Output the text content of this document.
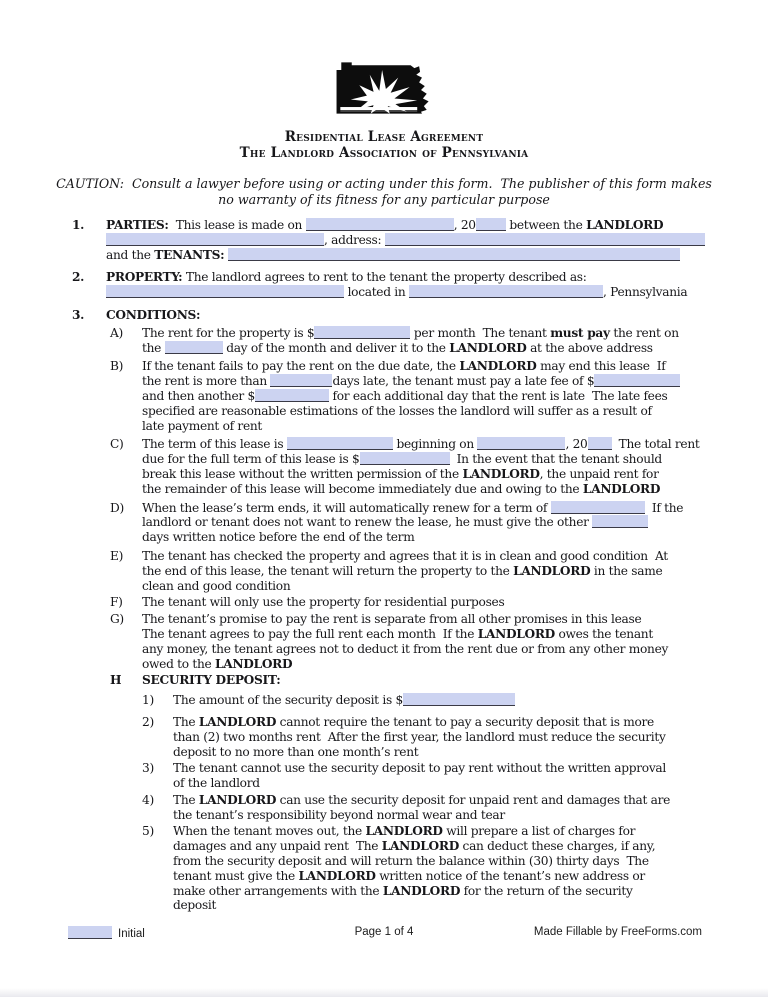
Residential Lease Agreement
The Landlord Association of Pennsylvania
CAUTION:  Consult a lawyer before using or acting under this form.  The publisher of this form makes
no warranty of its fitness for any particular purpose
1.	PARTIES:  This lease is made on	, 20 between the LANDLORD
, address:
and the TENANTS:
2.	PROPERTY: The landlord agrees to rent to the tenant the property described as:
located in	, Pennsylvania
3.	CONDITIONS:
A)	The rent for the property is $	per month  The tenant must pay the rent on
the	day of the month and deliver it to the LANDLORD at the above address
B)	If the tenant fails to pay the rent on the due date, the LANDLORD may end this lease  If
the rent is more than	days late, the tenant must pay a late fee of $
and then another $	for each additional day that the rent is late  The late fees
specified are reasonable estimations of the losses the landlord will suffer as a result of
late payment of rent
C)	The term of this lease is	beginning on	, 20  The total rent
due for the full term of this lease is $	In the event that the tenant should
break this lease without the written permission of the LANDLORD, the unpaid rent for
the remainder of this lease will become immediately due and owing to the LANDLORD
D)	When the lease’s term ends, it will automatically renew for a term of	If the
landlord or tenant does not want to renew the lease, he must give the other
days written notice before the end of the term
E)	The tenant has checked the property and agrees that it is in clean and good condition  At
the end of this lease, the tenant will return the property to the LANDLORD in the same
clean and good condition
F)	The tenant will only use the property for residential purposes
G)	The tenant’s promise to pay the rent is separate from all other promises in this lease
The tenant agrees to pay the full rent each month  If the LANDLORD owes the tenant
any money, the tenant agrees not to deduct it from the rent due or from any other money
owed to the LANDLORD
H	SECURITY DEPOSIT:
1)	The amount of the security deposit is $
2)	The LANDLORD cannot require the tenant to pay a security deposit that is more
than (2) two months rent  After the first year, the landlord must reduce the security
deposit to no more than one month’s rent
3)	The tenant cannot use the security deposit to pay rent without the written approval
of the landlord
4)	The LANDLORD can use the security deposit for unpaid rent and damages that are
the tenant’s responsibility beyond normal wear and tear
5)	When the tenant moves out, the LANDLORD will prepare a list of charges for
damages and any unpaid rent  The LANDLORD can deduct these charges, if any,
from the security deposit and will return the balance within (30) thirty days  The
tenant must give the LANDLORD written notice of the tenant’s new address or
make other arrangements with the LANDLORD for the return of the security
deposit
Initial	Page 1 of 4	Made Fillable by FreeForms.com
